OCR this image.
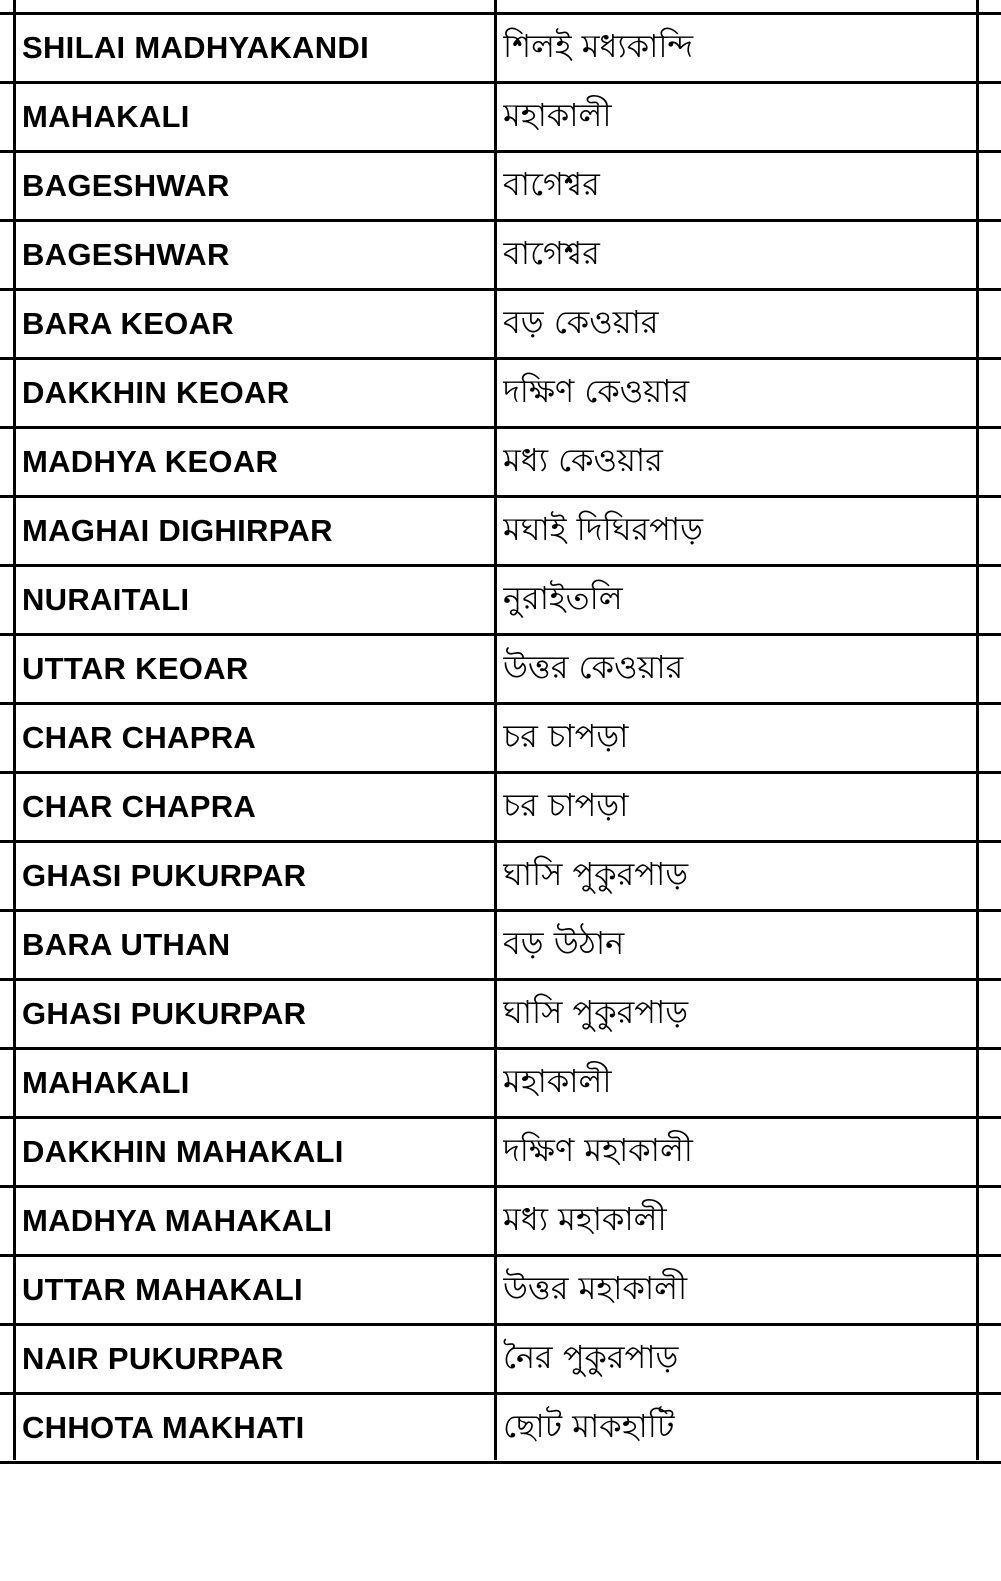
SHILAI MADHYAKANDI	শিলই মধ্যকান্দি
MAHAKALI	মহাকালী
BAGESHWAR	বাগেশ্বর
BAGESHWAR	বাগেশ্বর
BARA KEOAR	বড় কেওয়ার
DAKKHIN KEOAR	দক্ষিণ কেওয়ার
MADHYA KEOAR	মধ্য কেওয়ার
MAGHAI DIGHIRPAR	মঘাই দিঘিরপাড়
NURAITALI	নুরাইতলি
UTTAR KEOAR	উত্তর কেওয়ার
CHAR CHAPRA	চর চাপড়া
CHAR CHAPRA	চর চাপড়া
GHASI PUKURPAR	ঘাসি পুকুরপাড়
BARA UTHAN	বড় উঠান
GHASI PUKURPAR	ঘাসি পুকুরপাড়
MAHAKALI	মহাকালী
DAKKHIN MAHAKALI	দক্ষিণ মহাকালী
MADHYA MAHAKALI	মধ্য মহাকালী
UTTAR MAHAKALI	উত্তর মহাকালী
NAIR PUKURPAR	নৈর পুকুরপাড়
CHHOTA MAKHATI	ছোট মাকহাটি
